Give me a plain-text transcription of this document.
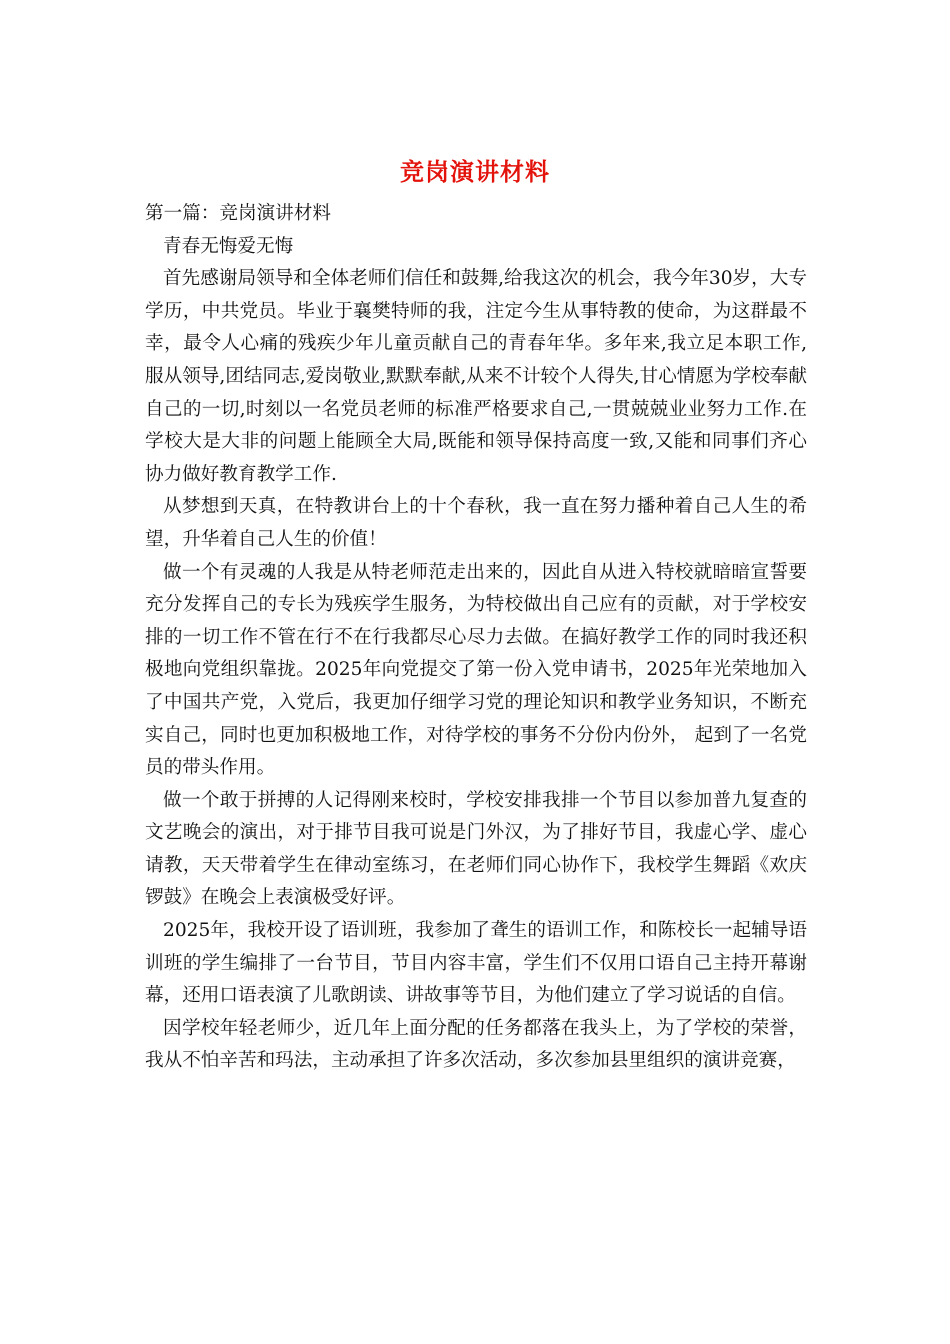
竞岗演讲材料

第一篇：竞岗演讲材料

青春无悔爱无悔

首先感谢局领导和全体老师们信任和鼓舞,给我这次的机会，我今年30岁，大专学历，中共党员。毕业于襄樊特师的我，注定今生从事特教的使命，为这群最不幸，最令人心痛的残疾少年儿童贡献自己的青春年华。多年来,我立足本职工作,服从领导,团结同志,爱岗敬业,默默奉献,从来不计较个人得失,甘心情愿为学校奉献自己的一切,时刻以一名党员老师的标准严格要求自己,一贯兢兢业业努力工作.在学校大是大非的问题上能顾全大局,既能和领导保持高度一致,又能和同事们齐心协力做好教育教学工作.

从梦想到天真，在特教讲台上的十个春秋，我一直在努力播种着自己人生的希望，升华着自己人生的价值！

做一个有灵魂的人我是从特老师范走出来的，因此自从进入特校就暗暗宣誓要充分发挥自己的专长为残疾学生服务，为特校做出自己应有的贡献，对于学校安排的一切工作不管在行不在行我都尽心尽力去做。在搞好教学工作的同时我还积极地向党组织靠拢。2025年向党提交了第一份入党申请书，2025年光荣地加入了中国共产党，入党后，我更加仔细学习党的理论知识和教学业务知识，不断充实自己，同时也更加积极地工作，对待学校的事务不分份内份外， 起到了一名党员的带头作用。

做一个敢于拼搏的人记得刚来校时，学校安排我排一个节目以参加普九复查的文艺晚会的演出，对于排节目我可说是门外汉，为了排好节目，我虚心学、虚心请教，天天带着学生在律动室练习，在老师们同心协作下，我校学生舞蹈《欢庆锣鼓》在晚会上表演极受好评。

2025年，我校开设了语训班，我参加了聋生的语训工作，和陈校长一起辅导语训班的学生编排了一台节目，节目内容丰富，学生们不仅用口语自己主持开幕谢幕，还用口语表演了儿歌朗读、讲故事等节目，为他们建立了学习说话的自信。

因学校年轻老师少，近几年上面分配的任务都落在我头上，为了学校的荣誉，我从不怕辛苦和玛法，主动承担了许多次活动，多次参加县里组织的演讲竞赛，
